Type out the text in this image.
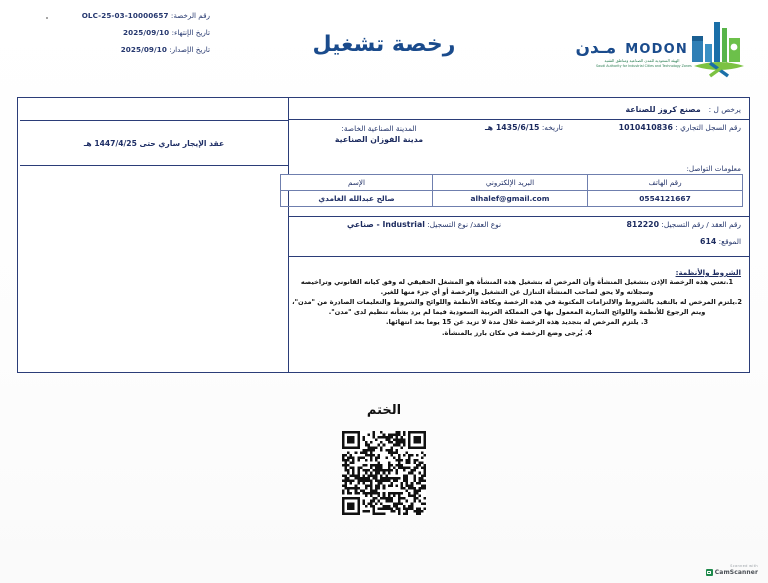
رقم الرخصة: OLC-25-03-10000657
تاريخ الإنتهاء: 2025/09/10
تاريخ الإصدار: 2025/09/10	رخصة تشغيل	MODON مـدن
الهيئة السعودية للمدن الصناعية ومناطق التقنية
Saudi Authority for Industrial Cities and Technology Zones
عقد الإيجار ساري حتى 1447/4/25 هـ
يرخص ل :
مصنع كروز للصناعة
رقم السجل التجاري : 1010410836
تاريخه: 1435/6/15 هـ
المدينة الصناعية الخاصة: مدينة الفوزان الصناعية
معلومات التواصل:
رقم الهاتف	البريد الإلكتروني	الإسم
0554121667	alhalef@gmail.com	صالح عبدالله الغامدي
رقم العقد / رقم التسجيل: 812220
الموقع: 614
نوع العقد/ نوع التسجيل: Industrial - صناعي
الشروط والأنظمة:
1.تعني هذه الرخصة الإذن بتشغيل المنشأة وأن المرخص له بتشغيل هذه المنشأة هو المشغل الحقيقي له وفق كيانه القانوني وتراخيصه وسجلاته ولا يحق لصاحب المنشأة التنازل عن التشغيل والرخصة أو أي جزء منها للغير.
2.يلتزم المرخص له بالتقيد بالشروط والالتزامات المكتوبة في هذه الرخصة وبكافة الأنظمة واللوائح والشروط والتعليمات الصادرة من "مدن"، ويتم الرجوع للأنظمة واللوائح السارية المعمول بها في المملكة العربية السعودية فيما لم يرد بشأنه تنظيم لدى "مدن".
3. يلتزم المرخص له بتجديد هذه الرخصة خلال مدة لا تزيد عن 15 يوما بعد انتهائها.
4. يُرجى وضع الرخصة في مكان بارز بالمنشأة.
الختم
Scanned with
CamScanner
